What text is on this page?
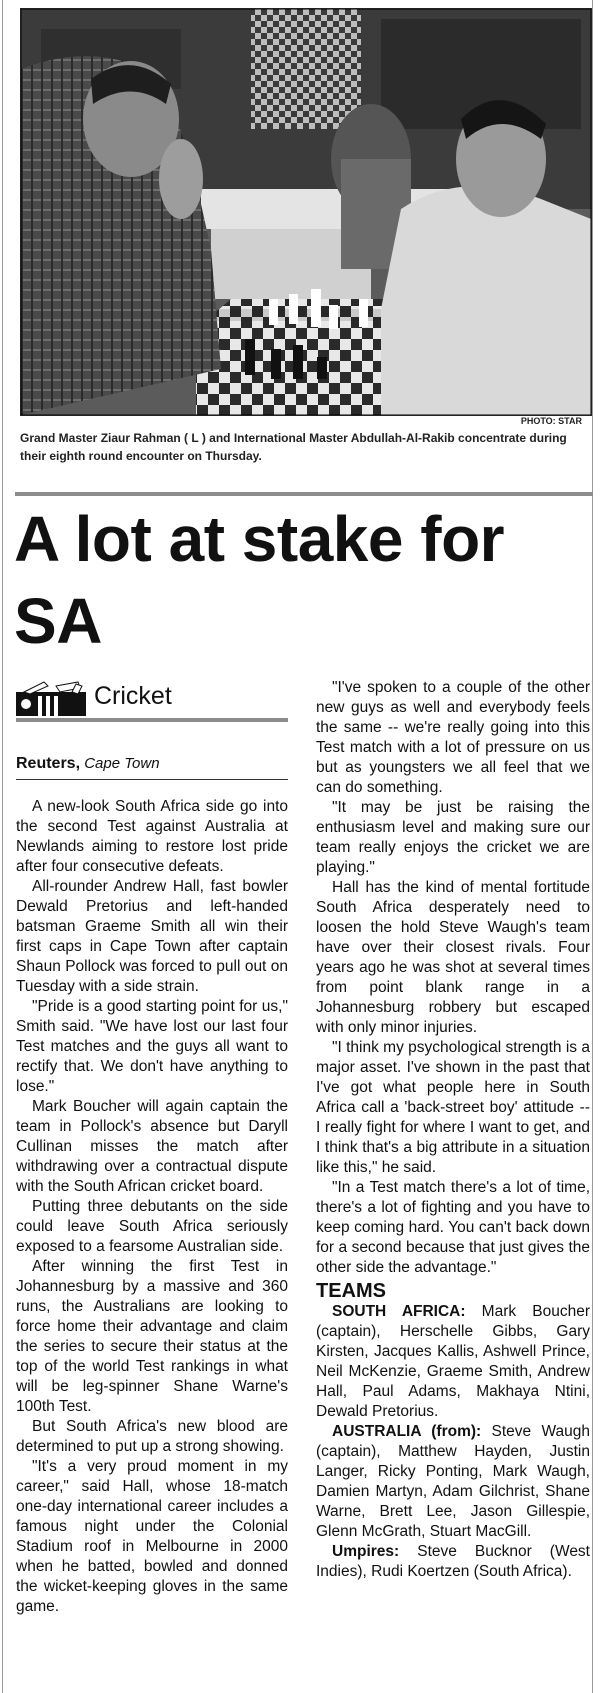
PHOTO: STAR
Grand Master Ziaur Rahman ( L ) and International Master Abdullah-Al-Rakib concentrate during their eighth round encounter on Thursday.
A lot at stake for SA
Cricket
Reuters, Cape Town

A new-look South Africa side go into the second Test against Australia at Newlands aiming to restore lost pride after four consecutive defeats.

All-rounder Andrew Hall, fast bowler Dewald Pretorius and left-handed batsman Graeme Smith all win their first caps in Cape Town after captain Shaun Pollock was forced to pull out on Tuesday with a side strain.

"Pride is a good starting point for us," Smith said. "We have lost our last four Test matches and the guys all want to rectify that. We don't have anything to lose."

Mark Boucher will again captain the team in Pollock's absence but Daryll Cullinan misses the match after withdrawing over a contractual dispute with the South African cricket board.

Putting three debutants on the side could leave South Africa seriously exposed to a fearsome Australian side.

After winning the first Test in Johannesburg by a massive and 360 runs, the Australians are looking to force home their advantage and claim the series to secure their status at the top of the world Test rankings in what will be leg-spinner Shane Warne's 100th Test.

But South Africa's new blood are determined to put up a strong showing.

"It's a very proud moment in my career," said Hall, whose 18-match one-day international career includes a famous night under the Colonial Stadium roof in Melbourne in 2000 when he batted, bowled and donned the wicket-keeping gloves in the same game.

"I've spoken to a couple of the other new guys as well and everybody feels the same -- we're really going into this Test match with a lot of pressure on us but as youngsters we all feel that we can do something.

"It may be just be raising the enthusiasm level and making sure our team really enjoys the cricket we are playing."

Hall has the kind of mental fortitude South Africa desperately need to loosen the hold Steve Waugh's team have over their closest rivals. Four years ago he was shot at several times from point blank range in a Johannesburg robbery but escaped with only minor injuries.

"I think my psychological strength is a major asset. I've shown in the past that I've got what people here in South Africa call a 'back-street boy' attitude -- I really fight for where I want to get, and I think that's a big attribute in a situation like this," he said.

"In a Test match there's a lot of time, there's a lot of fighting and you have to keep coming hard. You can't back down for a second because that just gives the other side the advantage."

TEAMS

SOUTH AFRICA: Mark Boucher (captain), Herschelle Gibbs, Gary Kirsten, Jacques Kallis, Ashwell Prince, Neil McKenzie, Graeme Smith, Andrew Hall, Paul Adams, Makhaya Ntini, Dewald Pretorius.

AUSTRALIA (from): Steve Waugh (captain), Matthew Hayden, Justin Langer, Ricky Ponting, Mark Waugh, Damien Martyn, Adam Gilchrist, Shane Warne, Brett Lee, Jason Gillespie, Glenn McGrath, Stuart MacGill.

Umpires: Steve Bucknor (West Indies), Rudi Koertzen (South Africa).
